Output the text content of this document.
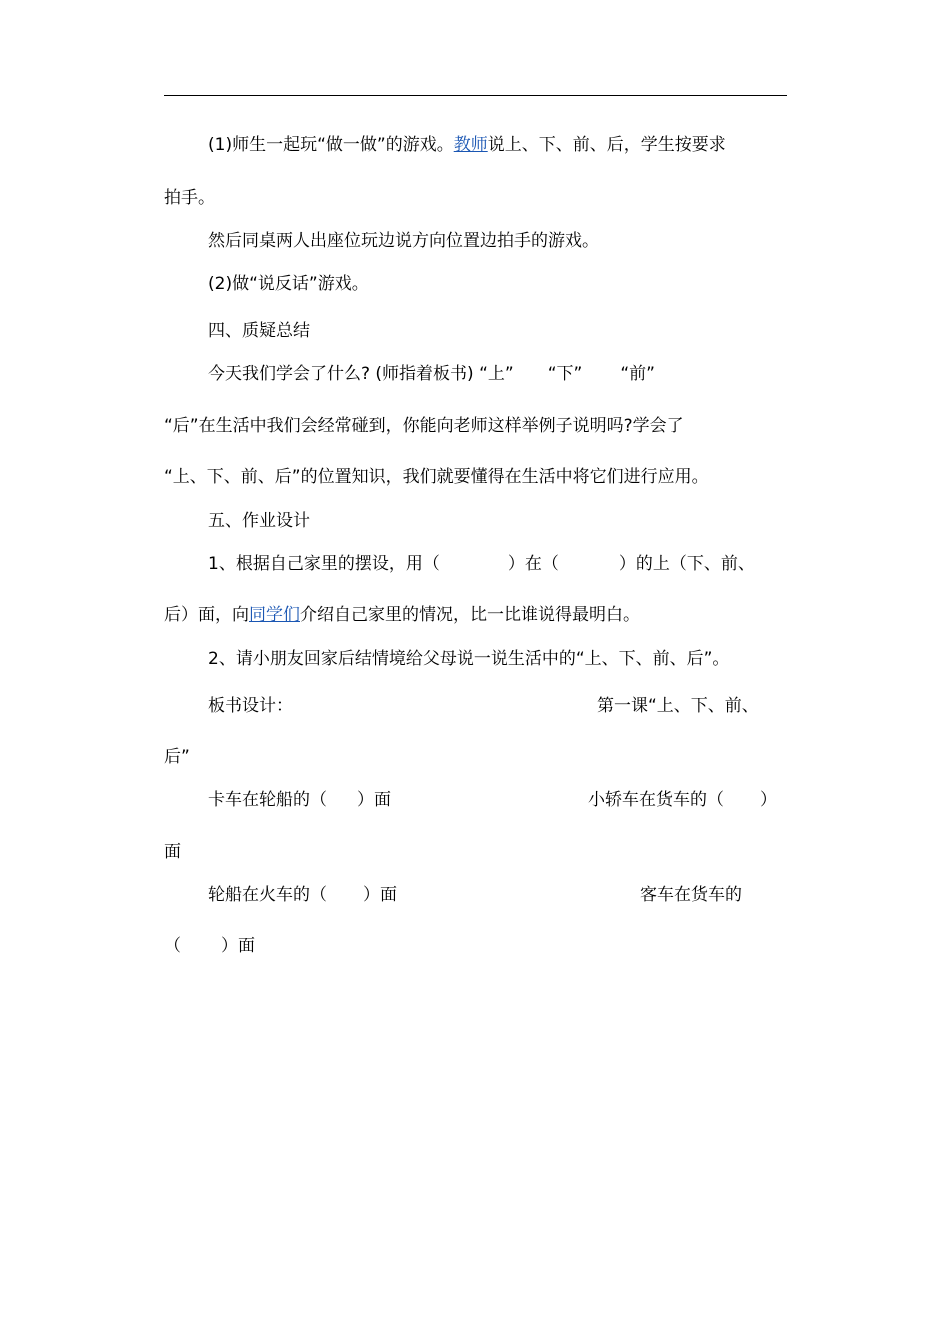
(1)师生一起玩“做一做”的游戏。教师说上、下、前、后，学生按要求
拍手。
然后同桌两人出座位玩边说方向位置边拍手的游戏。
(2)做“说反话”游戏。
四、质疑总结
今天我们学会了什么? (师指着板书) “上” “下” “前”
“后”在生活中我们会经常碰到，你能向老师这样举例子说明吗?学会了
“上、下、前、后”的位置知识，我们就要懂得在生活中将它们进行应用。
五、作业设计
1、根据自己家里的摆设，用（	）在（	）的上（下、前、
后）面，向同学们介绍自己家里的情况，比一比谁说得最明白。
2、请小朋友回家后结情境给父母说一说生活中的“上、下、前、后”。
板书设计：	第一课“上、下、前、
后”
卡车在轮船的（ ）面	小轿车在货车的（ ）
面
轮船在火车的（ ）面	客车在货车的
（ ）面
